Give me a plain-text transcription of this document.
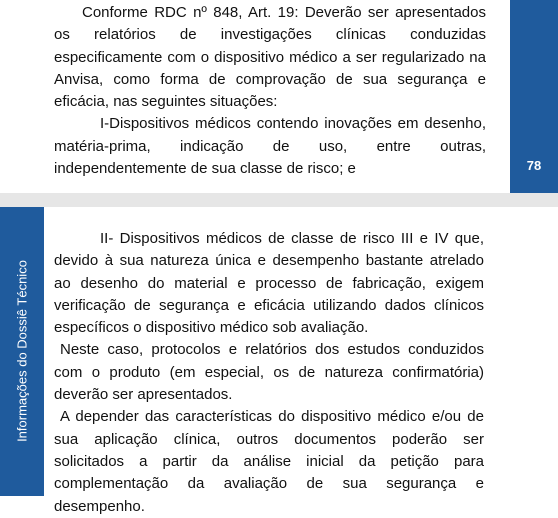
Conforme RDC nº 848, Art. 19: Deverão ser apresentados os relatórios de investigações clínicas conduzidas especificamente com o dispositivo médico a ser regularizado na Anvisa, como forma de comprovação de sua segurança e eficácia, nas seguintes situações:

I-Dispositivos médicos contendo inovações em desenho, matéria-prima, indicação de uso, entre outras, independentemente de sua classe de risco; e	78
Informações do Dossiê Técnico

II- Dispositivos médicos de classe de risco III e IV que, devido à sua natureza única e desempenho bastante atrelado ao desenho do material e processo de fabricação, exigem verificação de segurança e eficácia utilizando dados clínicos específicos o dispositivo médico sob avaliação.

Neste caso, protocolos e relatórios dos estudos conduzidos com o produto (em especial, os de natureza confirmatória) deverão ser apresentados.

A depender das características do dispositivo médico e/ou de sua aplicação clínica, outros documentos poderão ser solicitados a partir da análise inicial da petição para complementação da avaliação de sua segurança e desempenho.
